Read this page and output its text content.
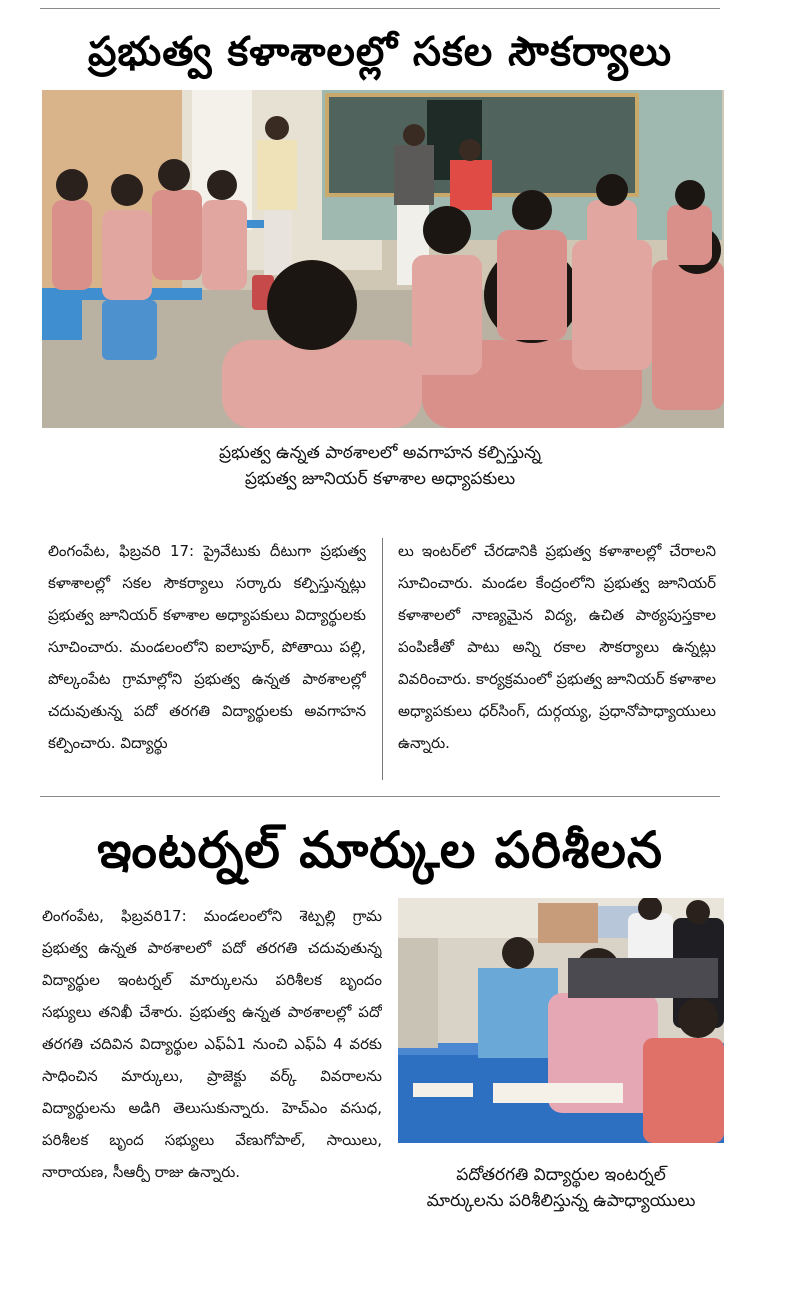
ప్రభుత్వ కళాశాలల్లో సకల సౌకర్యాలు
ప్రభుత్వ ఉన్నత పాఠశాలలో అవగాహన కల్పిస్తున్న
ప్రభుత్వ జూనియర్ కళాశాల అధ్యాపకులు

లింగంపేట, ఫిబ్రవరి 17: ప్రైవేటుకు దీటుగా ప్రభుత్వ కళాశాలల్లో సకల సౌకర్యాలు సర్కారు కల్పిస్తున్నట్లు ప్రభుత్వ జూనియర్ కళాశాల అధ్యాపకులు విద్యార్థులకు సూచించారు. మండలంలోని ఐలాపూర్, పోతాయి పల్లి, పోల్కంపేట గ్రామాల్లోని ప్రభుత్వ ఉన్నత పాఠశాలల్లో చదువుతున్న పదో తరగతి విద్యార్థులకు అవగాహన కల్పించారు. విద్యార్థు

లు ఇంటర్‌లో చేరడానికి ప్రభుత్వ కళాశాలల్లో చేరాలని సూచించారు. మండల కేంద్రంలోని ప్రభుత్వ జూనియర్ కళాశాలలో నాణ్యమైన విద్య, ఉచిత పాఠ్యపుస్తకాల పంపిణీతో పాటు అన్ని రకాల సౌకర్యాలు ఉన్నట్లు వివరించారు. కార్యక్రమంలో ప్రభుత్వ జూనియర్ కళాశాల అధ్యాపకులు ధర్‌సింగ్, దుర్గయ్య, ప్రధానోపాధ్యాయులు ఉన్నారు.

ఇంటర్నల్ మార్కుల పరిశీలన

లింగంపేట, ఫిబ్రవరి17: మండలంలోని శెట్పల్లి గ్రామ ప్రభుత్వ ఉన్నత పాఠశాలలో పదో తరగతి చదువుతున్న విద్యార్థుల ఇంటర్నల్ మార్కులను పరిశీలక బృందం సభ్యులు తనిఖీ చేశారు. ప్రభుత్వ ఉన్నత పాఠశాలల్లో పదో తరగతి చదివిన విద్యార్థుల ఎఫ్ఏ1 నుంచి ఎఫ్ఏ 4 వరకు సాధించిన మార్కులు, ప్రాజెక్టు వర్క్ వివరాలను విద్యార్థులను అడిగి తెలుసుకున్నారు. హెచ్ఎం వసుధ, పరిశీలక బృంద సభ్యులు వేణుగోపాల్, సాయిలు, నారాయణ, సీఆర్పీ రాజు ఉన్నారు.	పదోతరగతి విద్యార్థుల ఇంటర్నల్
మార్కులను పరిశీలిస్తున్న ఉపాధ్యాయులు
